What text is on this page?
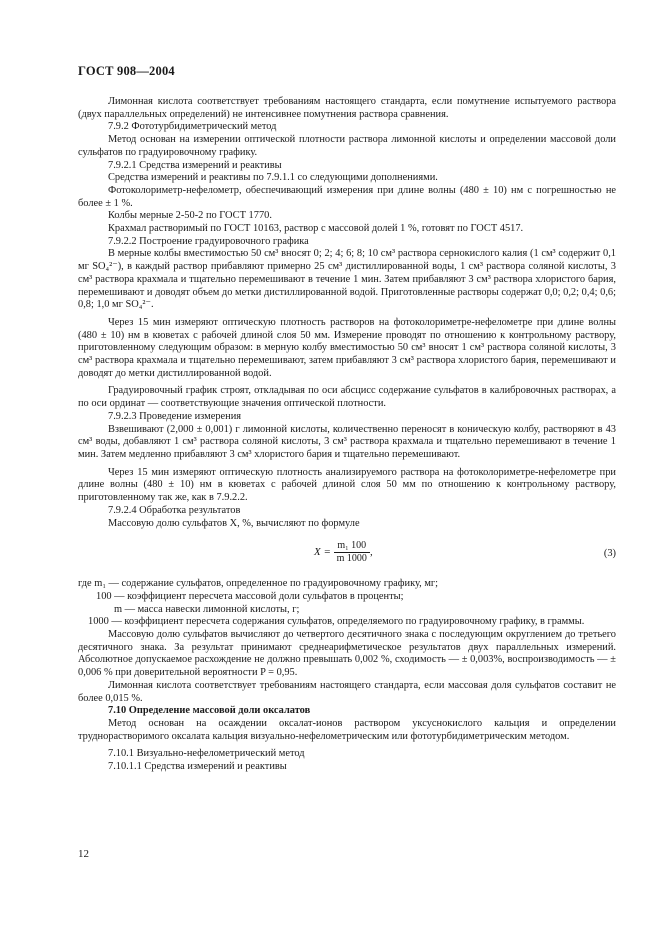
ГОСТ 908—2004

Лимонная кислота соответствует требованиям настоящего стандарта, если помутнение испытуемого раствора (двух параллельных определений) не интенсивнее помутнения раствора сравнения.

7.9.2 Фототурбидиметрический метод

Метод основан на измерении оптической плотности раствора лимонной кислоты и определении массовой доли сульфатов по градуировочному графику.

7.9.2.1 Средства измерений и реактивы

Средства измерений и реактивы по 7.9.1.1 со следующими дополнениями.

Фотоколориметр-нефелометр, обеспечивающий измерения при длине волны (480 ± 10) нм с погрешностью не более ± 1 %.

Колбы мерные 2-50-2 по ГОСТ 1770.

Крахмал растворимый по ГОСТ 10163, раствор с массовой долей 1 %, готовят по ГОСТ 4517.

7.9.2.2 Построение градуировочного графика

В мерные колбы вместимостью 50 см³ вносят 0; 2; 4; 6; 8; 10 см³ раствора сернокислого калия (1 см³ содержит 0,1 мг SO₄²⁻), в каждый раствор прибавляют примерно 25 см³ дистиллированной воды, 1 см³ раствора соляной кислоты, 3 см³ раствора крахмала и тщательно перемешивают в течение 1 мин. Затем прибавляют 3 см³ раствора хлористого бария, перемешивают и доводят объем до метки дистиллированной водой. Приготовленные растворы содержат 0,0; 0,2; 0,4; 0,6; 0,8; 1,0 мг SO₄²⁻.

Через 15 мин измеряют оптическую плотность растворов на фотоколориметре-нефелометре при длине волны (480 ± 10) нм в кюветах с рабочей длиной слоя 50 мм. Измерение проводят по отношению к контрольному раствору, приготовленному следующим образом: в мерную колбу вместимостью 50 см³ вносят 1 см³ раствора соляной кислоты, 3 см³ раствора крахмала и тщательно перемешивают, затем прибавляют 3 см³ раствора хлористого бария, перемешивают и доводят до метки дистиллированной водой.

Градуировочный график строят, откладывая по оси абсцисс содержание сульфатов в калибровочных растворах, а по оси ординат — соответствующие значения оптической плотности.

7.9.2.3 Проведение измерения

Взвешивают (2,000 ± 0,001) г лимонной кислоты, количественно переносят в коническую колбу, растворяют в 43 см³ воды, добавляют 1 см³ раствора соляной кислоты, 3 см³ раствора крахмала и тщательно перемешивают в течение 1 мин. Затем медленно прибавляют 3 см³ хлористого бария и тщательно перемешивают.

Через 15 мин измеряют оптическую плотность анализируемого раствора на фотоколориметре-нефелометре при длине волны (480 ± 10) нм в кюветах с рабочей длиной слоя 50 мм по отношению к контрольному раствору, приготовленному так же, как в 7.9.2.2.

7.9.2.4 Обработка результатов

Массовую долю сульфатов X, %, вычисляют по формуле

$X = \frac{\text{m₁ 100}}{m 1000}$ ,	(3)
где m₁ — содержание сульфатов, определенное по градуировочному графику, мг;
100 — коэффициент пересчета массовой доли сульфатов в проценты;
m — масса навески лимонной кислоты, г;
1000 — коэффициент пересчета содержания сульфатов, определяемого по градуировочному графику, в граммы.

Массовую долю сульфатов вычисляют до четвертого десятичного знака с последующим округлением до третьего десятичного знака. За результат принимают среднеарифметическое результатов двух параллельных измерений. Абсолютное допускаемое расхождение не должно превышать 0,002 %, сходимость — ± 0,003%, воспроизводимость — ± 0,006 % при доверительной вероятности P = 0,95.

Лимонная кислота соответствует требованиям настоящего стандарта, если массовая доля сульфатов составит не более 0,015 %.

7.10 Определение массовой доли оксалатов

Метод основан на осаждении оксалат-ионов раствором уксуснокислого кальция и определении труднорастворимого оксалата кальция визуально-нефелометрическим или фототурбидиметрическим методом.

7.10.1 Визуально-нефелометрический метод

7.10.1.1 Средства измерений и реактивы

12
